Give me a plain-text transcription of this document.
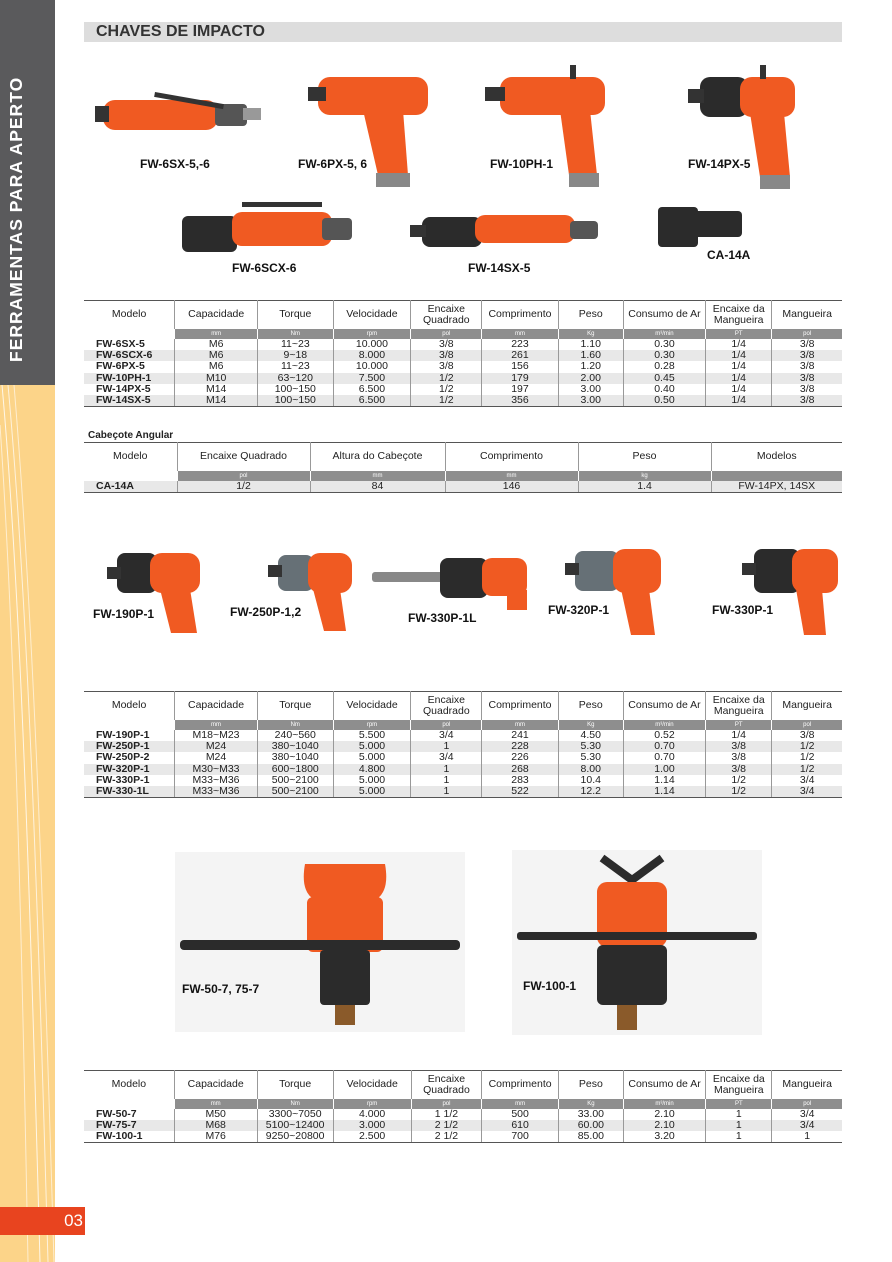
FERRAMENTAS PARA APERTO
03
CHAVES DE IMPACTO
FW-6SX-5,-6	FW-6PX-5, 6	FW-10PH-1	FW-14PX-5
FW-6SCX-6	FW-14SX-5
CA-14A
Modelo	Capacidade	Torque	Velocidade	Encaixe Quadrado	Comprimento	Peso	Consumo de Ar	Encaixe da Mangueira	Mangueira
	mm	Nm	rpm	pol	mm	Kg	m³/min	PT	pol
FW-6SX-5	M6	11~23	10.000	3/8	223	1.10	0.30	1/4	3/8
FW-6SCX-6	M6	9~18	8.000	3/8	261	1.60	0.30	1/4	3/8
FW-6PX-5	M6	11~23	10.000	3/8	156	1.20	0.28	1/4	3/8
FW-10PH-1	M10	63~120	7.500	1/2	179	2.00	0.45	1/4	3/8
FW-14PX-5	M14	100~150	6.500	1/2	197	3.00	0.40	1/4	3/8
FW-14SX-5	M14	100~150	6.500	1/2	356	3.00	0.50	1/4	3/8
Cabeçote Angular
Modelo	Encaixe Quadrado	Altura do Cabeçote	Comprimento	Peso	Modelos
	pol	mm	mm	kg	
CA-14A	1/2	84	146	1.4	FW-14PX, 14SX
FW-190P-1	FW-250P-1,2	FW-330P-1L
FW-320P-1	FW-330P-1
Modelo	Capacidade	Torque	Velocidade	Encaixe Quadrado	Comprimento	Peso	Consumo de Ar	Encaixe da Mangueira	Mangueira
	mm	Nm	rpm	pol	mm	Kg	m³/min	PT	pol
FW-190P-1	M18~M23	240~560	5.500	3/4	241	4.50	0.52	1/4	3/8
FW-250P-1	M24	380~1040	5.000	1	228	5.30	0.70	3/8	1/2
FW-250P-2	M24	380~1040	5.000	3/4	226	5.30	0.70	3/8	1/2
FW-320P-1	M30~M33	600~1800	4.800	1	268	8.00	1.00	3/8	1/2
FW-330P-1	M33~M36	500~2100	5.000	1	283	10.4	1.14	1/2	3/4
FW-330-1L	M33~M36	500~2100	5.000	1	522	12.2	1.14	1/2	3/4
FW-50-7, 75-7	FW-100-1
Modelo	Capacidade	Torque	Velocidade	Encaixe Quadrado	Comprimento	Peso	Consumo de Ar	Encaixe da Mangueira	Mangueira
	mm	Nm	rpm	pol	mm	Kg	m³/min	PT	pol
FW-50-7	M50	3300~7050	4.000	1 1/2	500	33.00	2.10	1	3/4
FW-75-7	M68	5100~12400	3.000	2 1/2	610	60.00	2.10	1	3/4
FW-100-1	M76	9250~20800	2.500	2 1/2	700	85.00	3.20	1	1
